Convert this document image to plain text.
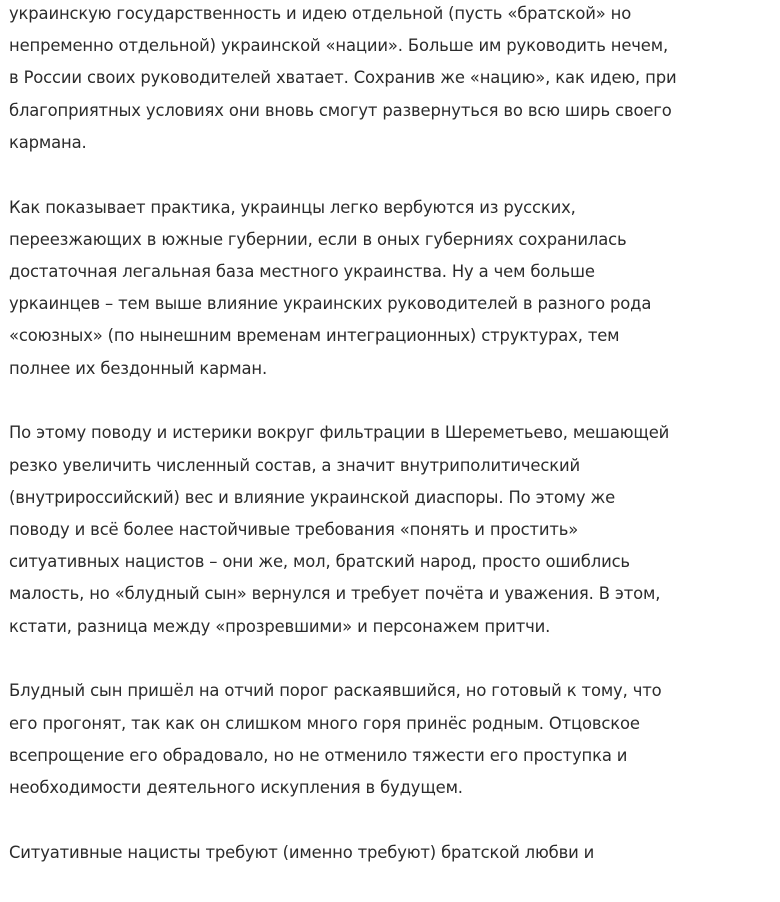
украинскую государственность и идею отдельной (пусть «братской» но
непременно отдельной) украинской «нации». Больше им руководить нечем,
в России своих руководителей хватает. Сохранив же «нацию», как идею, при
благоприятных условиях они вновь смогут развернуться во всю ширь своего
кармана.

Как показывает практика, украинцы легко вербуются из русских,
переезжающих в южные губернии, если в оных губерниях сохранилась
достаточная легальная база местного украинства. Ну а чем больше
уркаинцев – тем выше влияние украинских руководителей в разного рода
«союзных» (по нынешним временам интеграционных) структурах, тем
полнее их бездонный карман.

По этому поводу и истерики вокруг фильтрации в Шереметьево, мешающей
резко увеличить численный состав, а значит внутриполитический
(внутрироссийский) вес и влияние украинской диаспоры. По этому же
поводу и всё более настойчивые требования «понять и простить»
ситуативных нацистов – они же, мол, братский народ, просто ошиблись
малость, но «блудный сын» вернулся и требует почёта и уважения. В этом,
кстати, разница между «прозревшими» и персонажем притчи.

Блудный сын пришёл на отчий порог раскаявшийся, но готовый к тому, что
его прогонят, так как он слишком много горя принёс родным. Отцовское
всепрощение его обрадовало, но не отменило тяжести его проступка и
необходимости деятельного искупления в будущем.

Ситуативные нацисты требуют (именно требуют) братской любви и
